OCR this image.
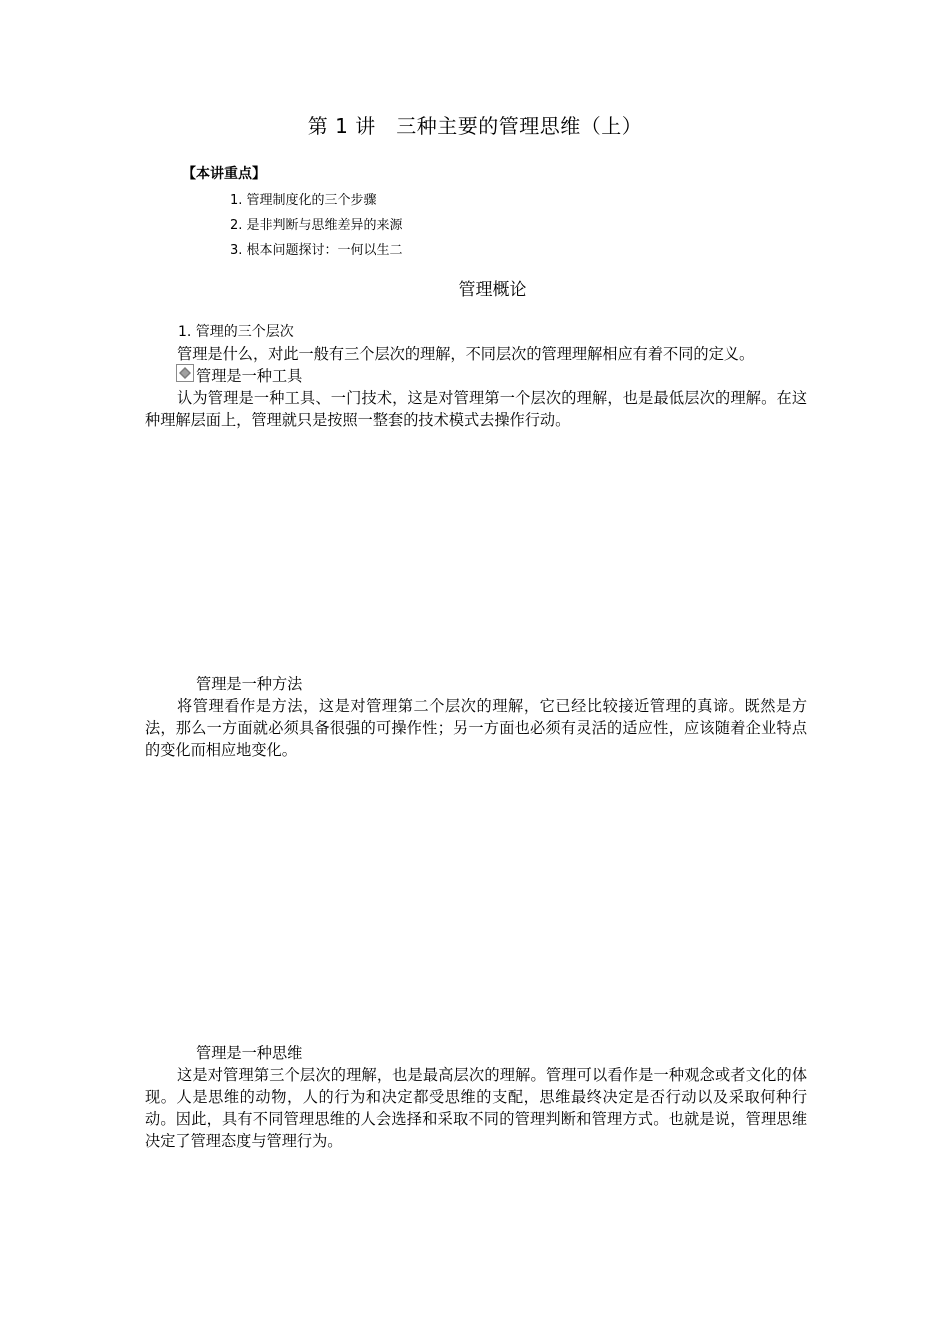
第 1 讲　三种主要的管理思维（上）
【本讲重点】
1. 管理制度化的三个步骤
2. 是非判断与思维差异的来源
3. 根本问题探讨：一何以生二
管理概论
1. 管理的三个层次
管理是什么，对此一般有三个层次的理解，不同层次的管理理解相应有着不同的定义。
管理是一种工具

认为管理是一种工具、一门技术，这是对管理第一个层次的理解，也是最低层次的理解。在这种理解层面上，管理就只是按照一整套的技术模式去操作行动。

管理是一种方法

将管理看作是方法，这是对管理第二个层次的理解，它已经比较接近管理的真谛。既然是方法，那么一方面就必须具备很强的可操作性；另一方面也必须有灵活的适应性，应该随着企业特点的变化而相应地变化。

管理是一种思维

这是对管理第三个层次的理解，也是最高层次的理解。管理可以看作是一种观念或者文化的体现。人是思维的动物，人的行为和决定都受思维的支配，思维最终决定是否行动以及采取何种行动。因此，具有不同管理思维的人会选择和采取不同的管理判断和管理方式。也就是说，管理思维决定了管理态度与管理行为。
